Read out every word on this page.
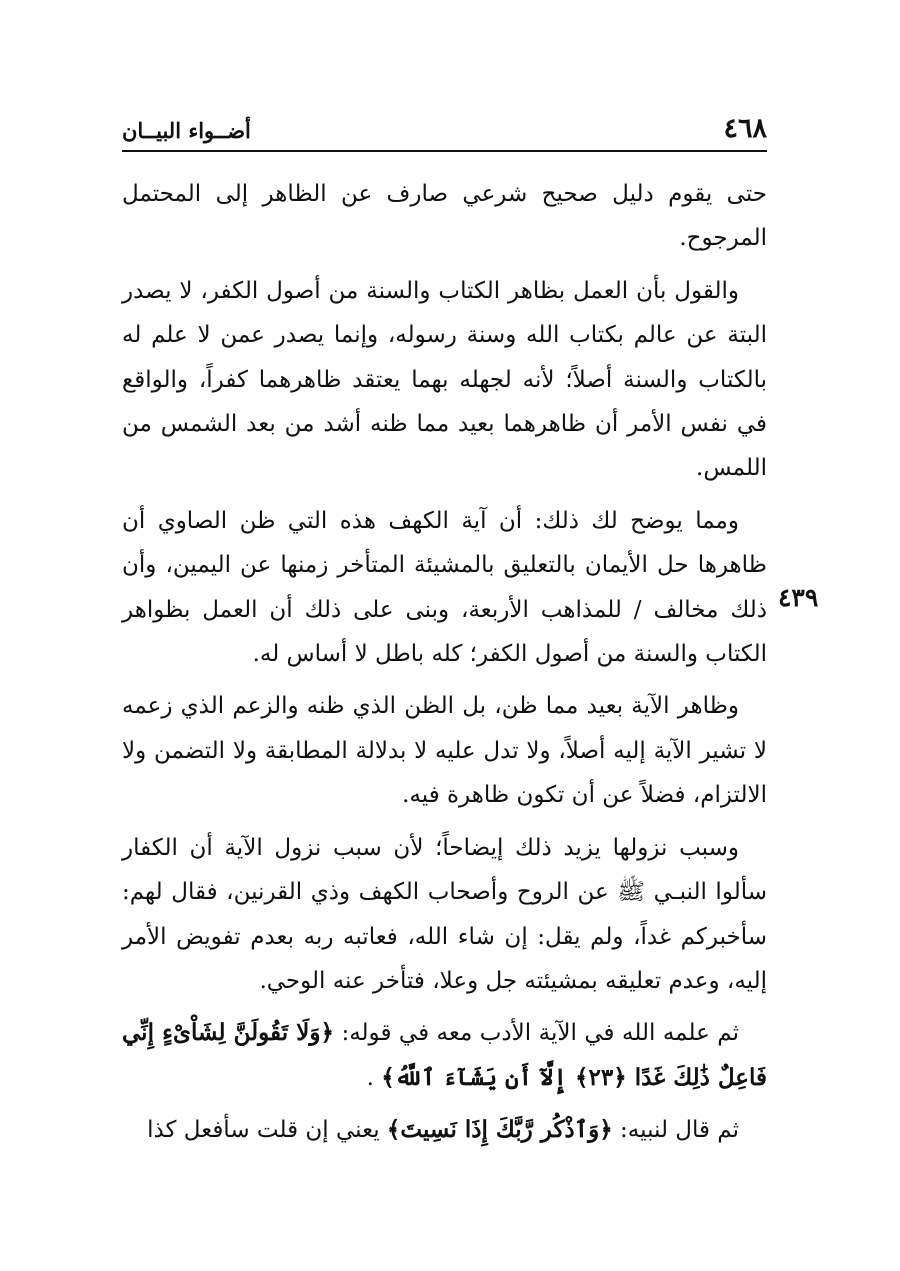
٤٦٨
أضــواء البيــان
٤٣٩

حتى يقوم دليل صحيح شرعي صارف عن الظاهر إلى المحتمل المرجوح.

والقول بأن العمل بظاهر الكتاب والسنة من أصول الكفر، لا يصدر البتة عن عالم بكتاب الله وسنة رسوله، وإنما يصدر عمن لا علم له بالكتاب والسنة أصلاً؛ لأنه لجهله بهما يعتقد ظاهرهما كفراً، والواقع في نفس الأمر أن ظاهرهما بعيد مما ظنه أشد من بعد الشمس من اللمس.

ومما يوضح لك ذلك: أن آية الكهف هذه التي ظن الصاوي أن ظاهرها حل الأيمان بالتعليق بالمشيئة المتأخر زمنها عن اليمين، وأن ذلك مخالف / للمذاهب الأربعة، وبنى على ذلك أن العمل بظواهر الكتاب والسنة من أصول الكفر؛ كله باطل لا أساس له.

وظاهر الآية بعيد مما ظن، بل الظن الذي ظنه والزعم الذي زعمه لا تشير الآية إليه أصلاً، ولا تدل عليه لا بدلالة المطابقة ولا التضمن ولا الالتزام، فضلاً عن أن تكون ظاهرة فيه.

وسبب نزولها يزيد ذلك إيضاحاً؛ لأن سبب نزول الآية أن الكفار سألوا النبـي ﷺ عن الروح وأصحاب الكهف وذي القرنين، فقال لهم: سأخبركم غداً، ولم يقل: إن شاء الله، فعاتبه ربه بعدم تفويض الأمر إليه، وعدم تعليقه بمشيئته جل وعلا، فتأخر عنه الوحي.

ثم علمه الله في الآية الأدب معه في قوله: ﴿وَلَا تَقُولَنَّ لِشَاْىْءٍ إِنِّي فَاعِلٌ ذَٰلِكَ غَدًا ﴿٢٣﴾ إِلَّآ أَن يَشَآءَ ٱللَّهُ﴾ .

ثم قال لنبيه: ﴿وَٱذْكُر رَّبَّكَ إِذَا نَسِيتَ﴾ يعني إن قلت سأفعل كذا
